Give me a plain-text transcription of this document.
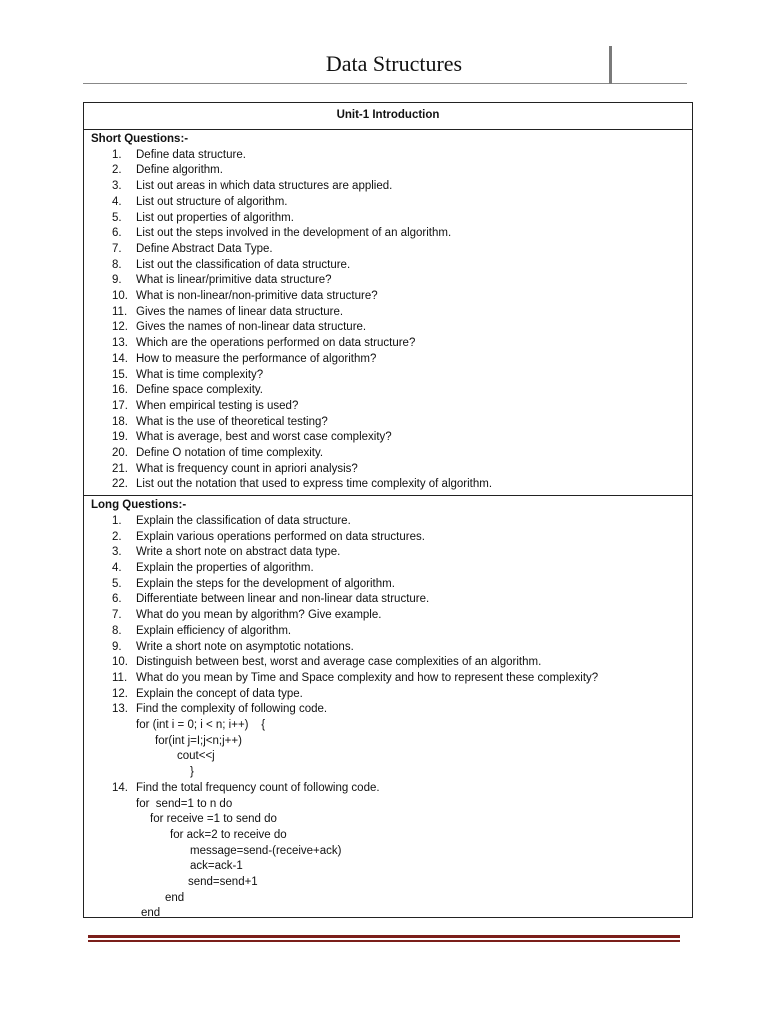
Data Structures
Unit-1 Introduction
Short Questions:-
1. Define data structure.
2. Define algorithm.
3. List out areas in which data structures are applied.
4. List out structure of algorithm.
5. List out properties of algorithm.
6. List out the steps involved in the development of an algorithm.
7. Define Abstract Data Type.
8. List out the classification of data structure.
9. What is linear/primitive data structure?
10. What is non-linear/non-primitive data structure?
11. Gives the names of linear data structure.
12. Gives the names of non-linear data structure.
13. Which are the operations performed on data structure?
14. How to measure the performance of algorithm?
15. What is time complexity?
16. Define space complexity.
17. When empirical testing is used?
18. What is the use of theoretical testing?
19. What is average, best and worst case complexity?
20. Define O notation of time complexity.
21. What is frequency count in apriori analysis?
22. List out the notation that used to express time complexity of algorithm.
Long Questions:-
1. Explain the classification of data structure.
2. Explain various operations performed on data structures.
3. Write a short note on abstract data type.
4. Explain the properties of algorithm.
5. Explain the steps for the development of algorithm.
6. Differentiate between linear and non-linear data structure.
7. What do you mean by algorithm? Give example.
8. Explain efficiency of algorithm.
9. Write a short note on asymptotic notations.
10. Distinguish between best, worst and average case complexities of an algorithm.
11. What do you mean by Time and Space complexity and how to represent these complexity?
12. Explain the concept of data type.
13. Find the complexity of following code.
for (int i = 0; i < n; i++)    {
for(int j=I;j<n;j++)
cout<<j
}
14. Find the total frequency count of following code.
for  send=1 to n do
for receive =1 to send do
for ack=2 to receive do
message=send-(receive+ack)
ack=ack-1
send=send+1
end
end
